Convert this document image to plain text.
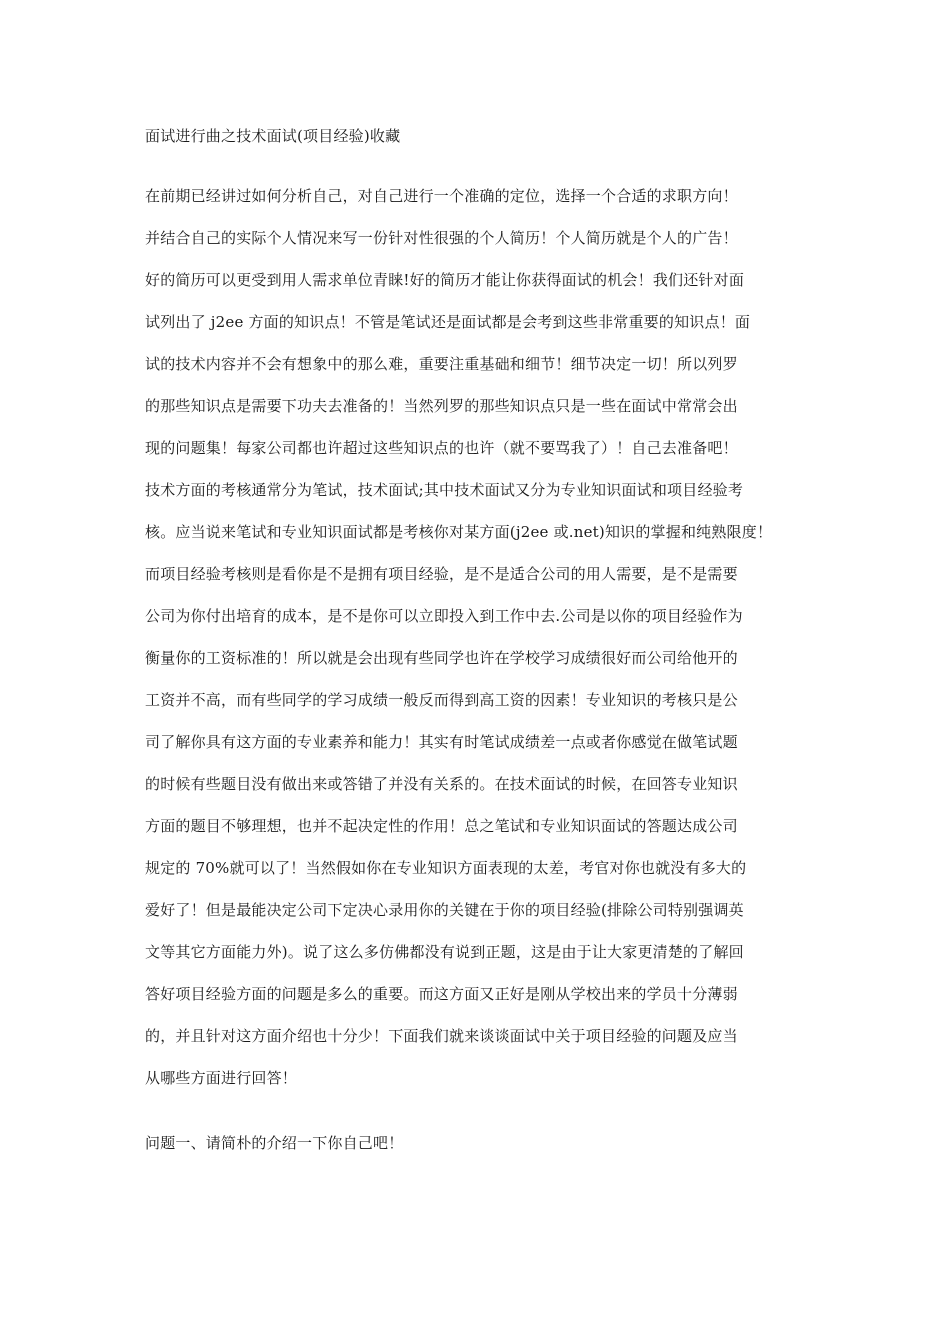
面试进行曲之技术面试(项目经验)收藏
在前期已经讲过如何分析自己，对自己进行一个准确的定位，选择一个合适的求职方向！
并结合自己的实际个人情况来写一份针对性很强的个人简历！个人简历就是个人的广告！
好的简历可以更受到用人需求单位青睐!好的简历才能让你获得面试的机会！我们还针对面
试列出了 j2ee 方面的知识点！不管是笔试还是面试都是会考到这些非常重要的知识点！面
试的技术内容并不会有想象中的那么难，重要注重基础和细节！细节决定一切！所以列罗
的那些知识点是需要下功夫去准备的！当然列罗的那些知识点只是一些在面试中常常会出
现的问题集！每家公司都也许超过这些知识点的也许（就不要骂我了）！自己去准备吧！
技术方面的考核通常分为笔试，技术面试;其中技术面试又分为专业知识面试和项目经验考
核。应当说来笔试和专业知识面试都是考核你对某方面(j2ee 或.net)知识的掌握和纯熟限度！
而项目经验考核则是看你是不是拥有项目经验，是不是适合公司的用人需要，是不是需要
公司为你付出培育的成本，是不是你可以立即投入到工作中去.公司是以你的项目经验作为
衡量你的工资标准的！所以就是会出现有些同学也许在学校学习成绩很好而公司给他开的
工资并不高，而有些同学的学习成绩一般反而得到高工资的因素！专业知识的考核只是公
司了解你具有这方面的专业素养和能力！其实有时笔试成绩差一点或者你感觉在做笔试题
的时候有些题目没有做出来或答错了并没有关系的。在技术面试的时候，在回答专业知识
方面的题目不够理想，也并不起决定性的作用！总之笔试和专业知识面试的答题达成公司
规定的 70%就可以了！当然假如你在专业知识方面表现的太差，考官对你也就没有多大的
爱好了！但是最能决定公司下定决心录用你的关键在于你的项目经验(排除公司特别强调英
文等其它方面能力外)。说了这么多仿佛都没有说到正题，这是由于让大家更清楚的了解回
答好项目经验方面的问题是多么的重要。而这方面又正好是刚从学校出来的学员十分薄弱
的，并且针对这方面介绍也十分少！下面我们就来谈谈面试中关于项目经验的问题及应当
从哪些方面进行回答！
问题一、请简朴的介绍一下你自己吧！
